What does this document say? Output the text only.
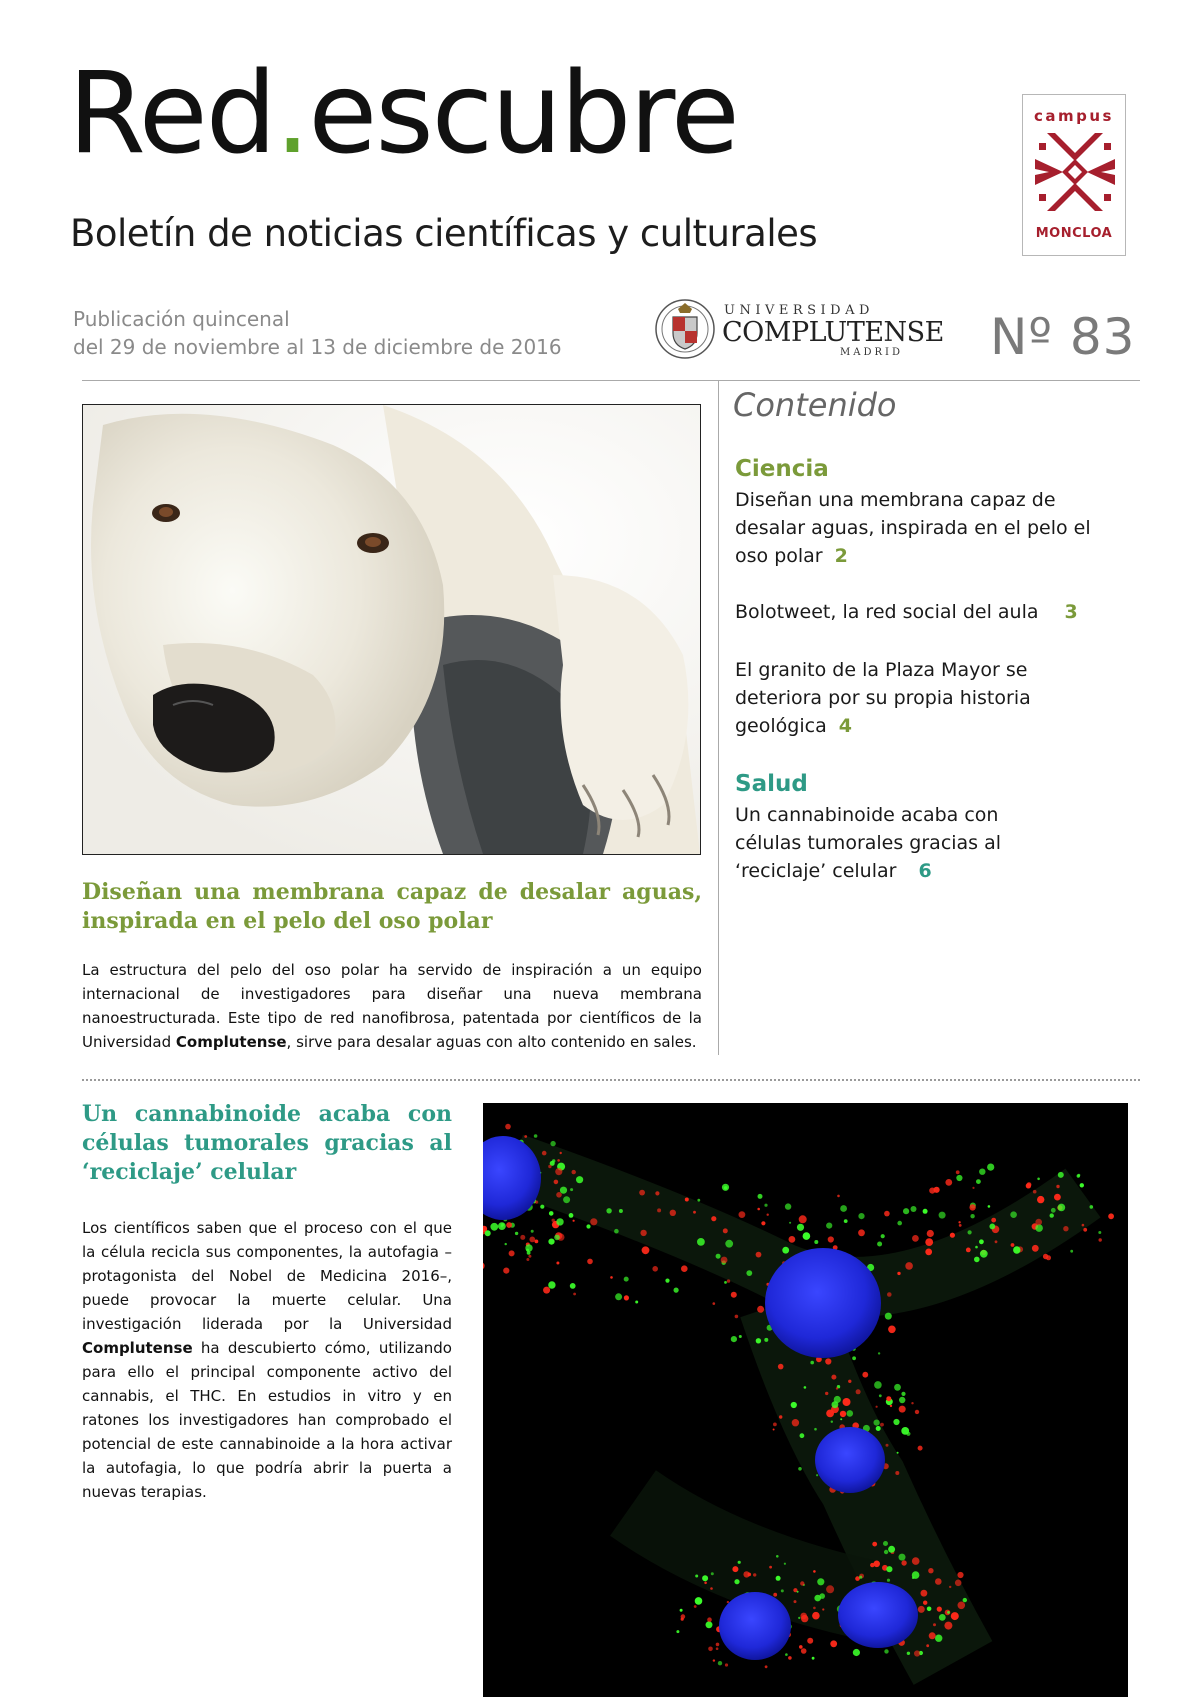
Red.escubre
Boletín de noticias científicas y culturales
Publicación quincenal
del 29 de noviembre al 13 de diciembre de 2016
campus
MONCLOA
UNIVERSIDAD
COMPLUTENSE
MADRID Nº 83
Diseñan una membrana capaz de desalar aguas, inspirada en el pelo del oso polar
La estructura del pelo del oso polar ha servido de inspiración a un equipo internacional de investigadores para diseñar una nueva membrana nanoestructurada. Este tipo de red nanofibrosa, patentada por científicos de la Universidad Complutense, sirve para desalar aguas con alto contenido en sales.
Contenido
Ciencia
Diseñan una membrana capaz de desalar aguas, inspirada en el pelo el oso polar 2
Bolotweet, la red social del aula 3
El granito de la Plaza Mayor se deteriora por su propia historia geológica 4
Salud
Un cannabinoide acaba con células tumorales gracias al ‘reciclaje’ celular 6
Un cannabinoide acaba con células tumorales gracias al ‘reciclaje’ celular
Los científicos saben que el proceso con el que la célula recicla sus componentes, la autofagia –protagonista del Nobel de Medicina 2016–, puede provocar la muerte celular. Una investigación liderada por la Universidad Complutense ha descubierto cómo, utilizando para ello el principal componente activo del cannabis, el THC. En estudios in vitro y en ratones los investigadores han comprobado el potencial de este cannabinoide a la hora activar la autofagia, lo que podría abrir la puerta a nuevas terapias.
